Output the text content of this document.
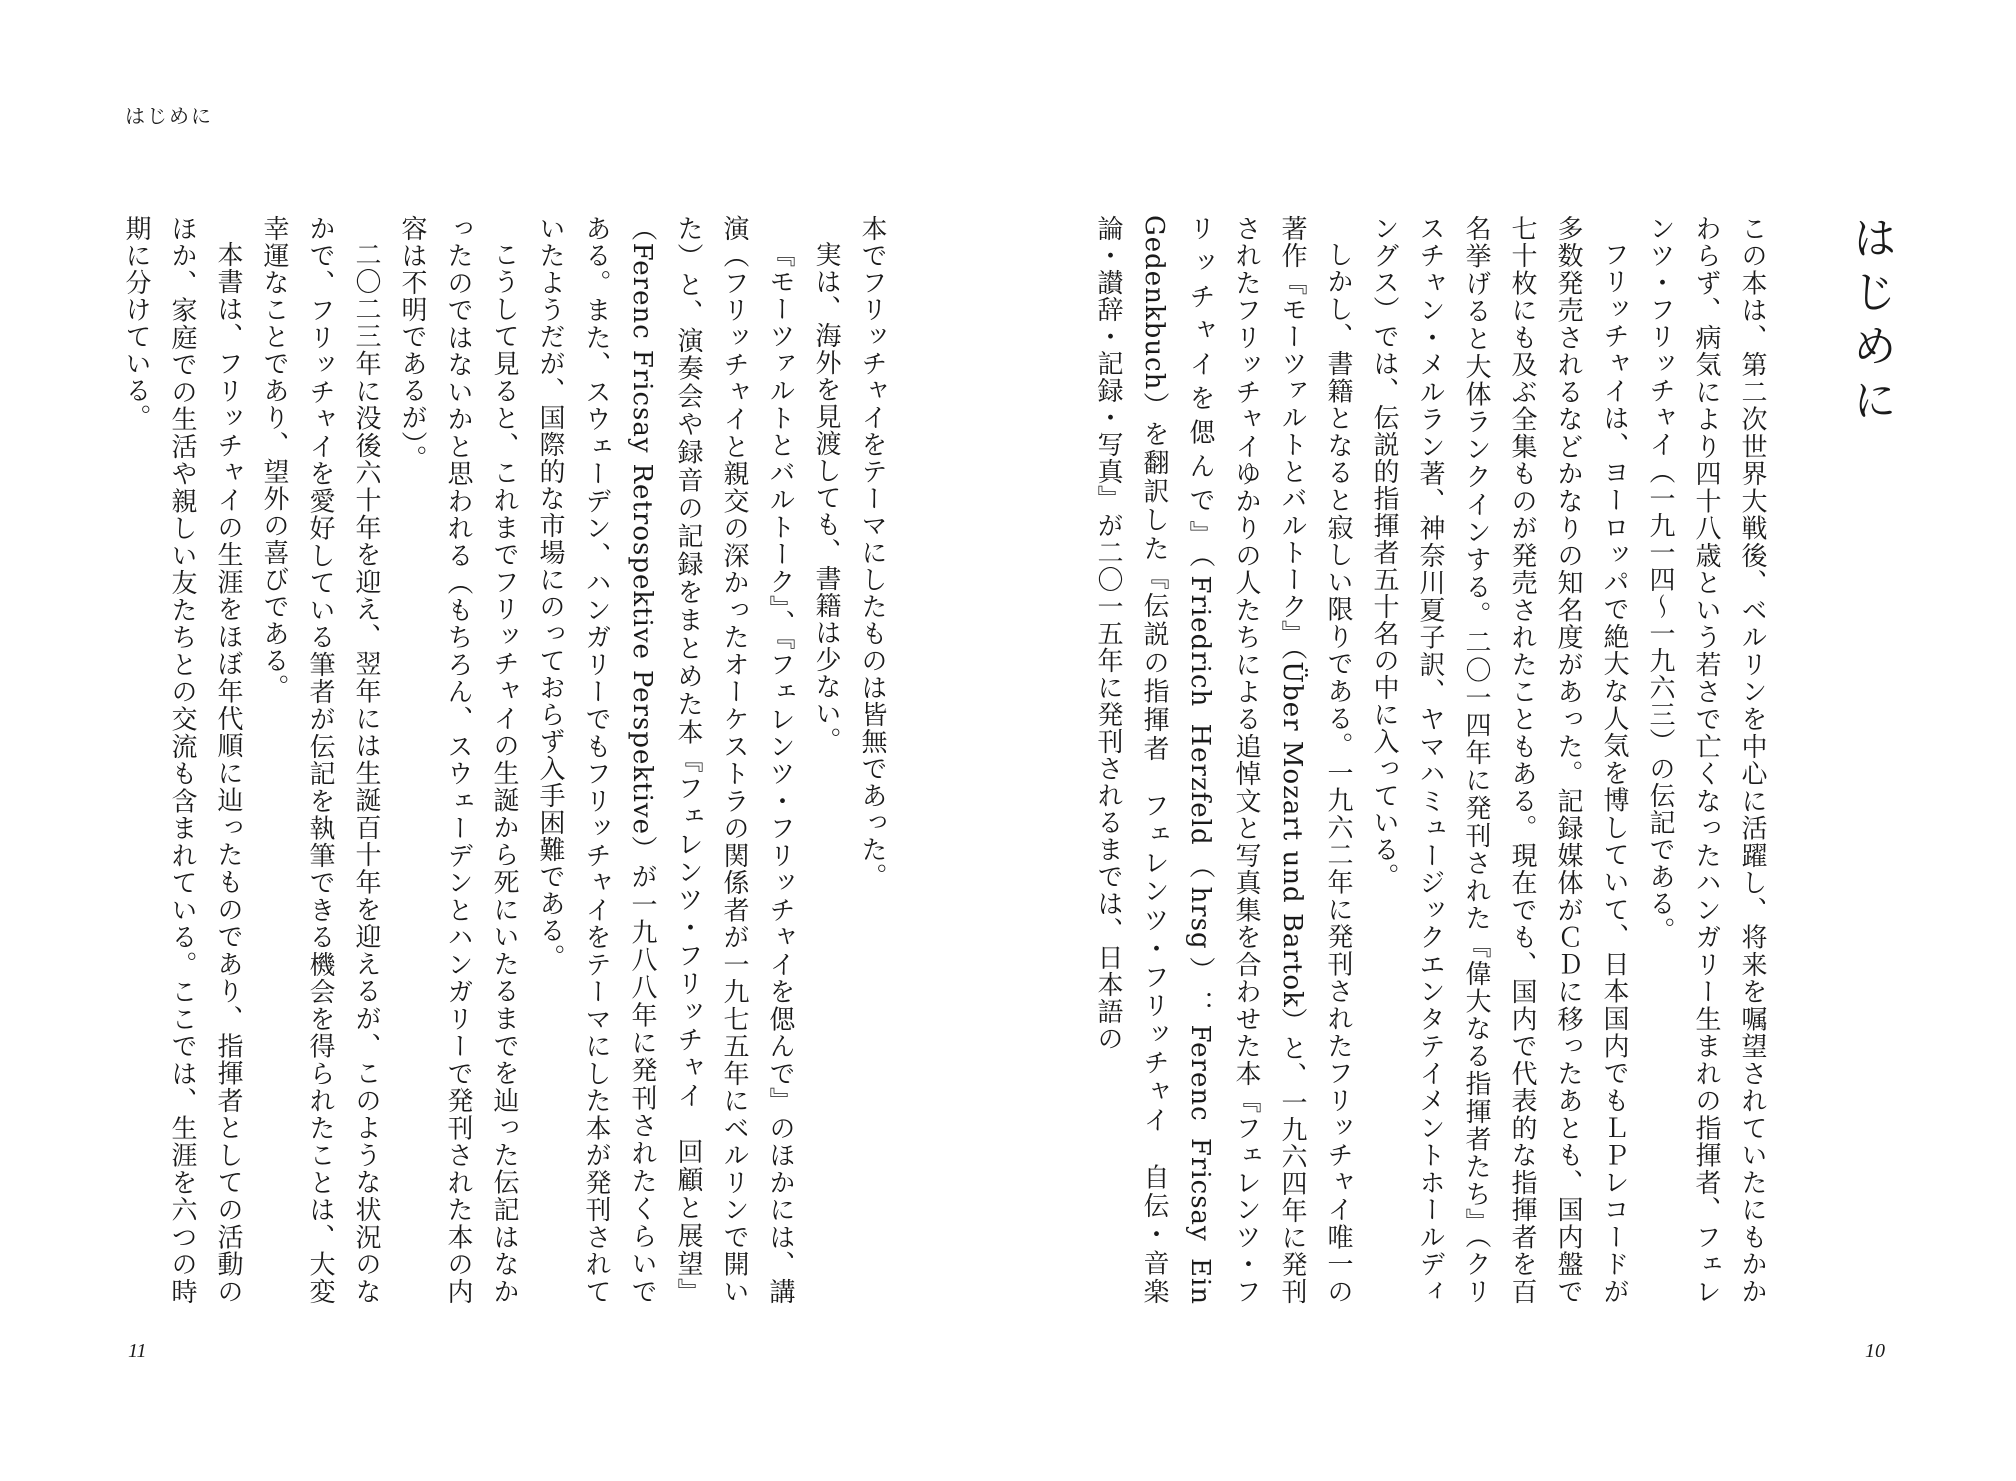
はじめに
はじめに

この本は、第二次世界大戦後、ベルリンを中心に活躍し、将来を嘱望されていたにもかかわらず、病気により四十八歳という若さで亡くなったハンガリー生まれの指揮者、フェレンツ・フリッチャイ（一九一四～一九六三）の伝記である。

フリッチャイは、ヨーロッパで絶大な人気を博していて、日本国内でもＬＰレコードが多数発売されるなどかなりの知名度があった。記録媒体がＣＤに移ったあとも、国内盤で七十枚にも及ぶ全集ものが発売されたこともある。現在でも、国内で代表的な指揮者を百名挙げると大体ランクインする。二〇一四年に発刊された『偉大なる指揮者たち』（クリスチャン・メルラン著、神奈川夏子訳、ヤマハミュージックエンタテイメントホールディングス）では、伝説的指揮者五十名の中に入っている。

しかし、書籍となると寂しい限りである。一九六二年に発刊されたフリッチャイ唯一の著作『モーツァルトとバルトーク』（Über Mozart und Bartok）と、一九六四年に発刊されたフリッチャイゆかりの人たちによる追悼文と写真集を合わせた本『フェレンツ・フリッチャイを偲んで』（Friedrich Herzfeld（hrsg）：Ferenc Fricsay Ein Gedenkbuch）を翻訳した『伝説の指揮者　フェレンツ・フリッチャイ　自伝・音楽論・讃辞・記録・写真』が二〇一五年に発刊されるまでは、日本語の

本でフリッチャイをテーマにしたものは皆無であった。

実は、海外を見渡しても、書籍は少ない。

『モーツァルトとバルトーク』、『フェレンツ・フリッチャイを偲んで』のほかには、講演（フリッチャイと親交の深かったオーケストラの関係者が一九七五年にベルリンで開いた）と、演奏会や録音の記録をまとめた本『フェレンツ・フリッチャイ　回顧と展望』（Ferenc Fricsay Retrospektive Perspektive）が一九八八年に発刊されたくらいである。また、スウェーデン、ハンガリーでもフリッチャイをテーマにした本が発刊されていたようだが、国際的な市場にのっておらず入手困難である。

こうして見ると、これまでフリッチャイの生誕から死にいたるまでを辿った伝記はなかったのではないかと思われる（もちろん、スウェーデンとハンガリーで発刊された本の内容は不明であるが）。

二〇二三年に没後六十年を迎え、翌年には生誕百十年を迎えるが、このような状況のなかで、フリッチャイを愛好している筆者が伝記を執筆できる機会を得られたことは、大変幸運なことであり、望外の喜びである。

本書は、フリッチャイの生涯をほぼ年代順に辿ったものであり、指揮者としての活動のほか、家庭での生活や親しい友たちとの交流も含まれている。ここでは、生涯を六つの時期に分けている。

11	10
